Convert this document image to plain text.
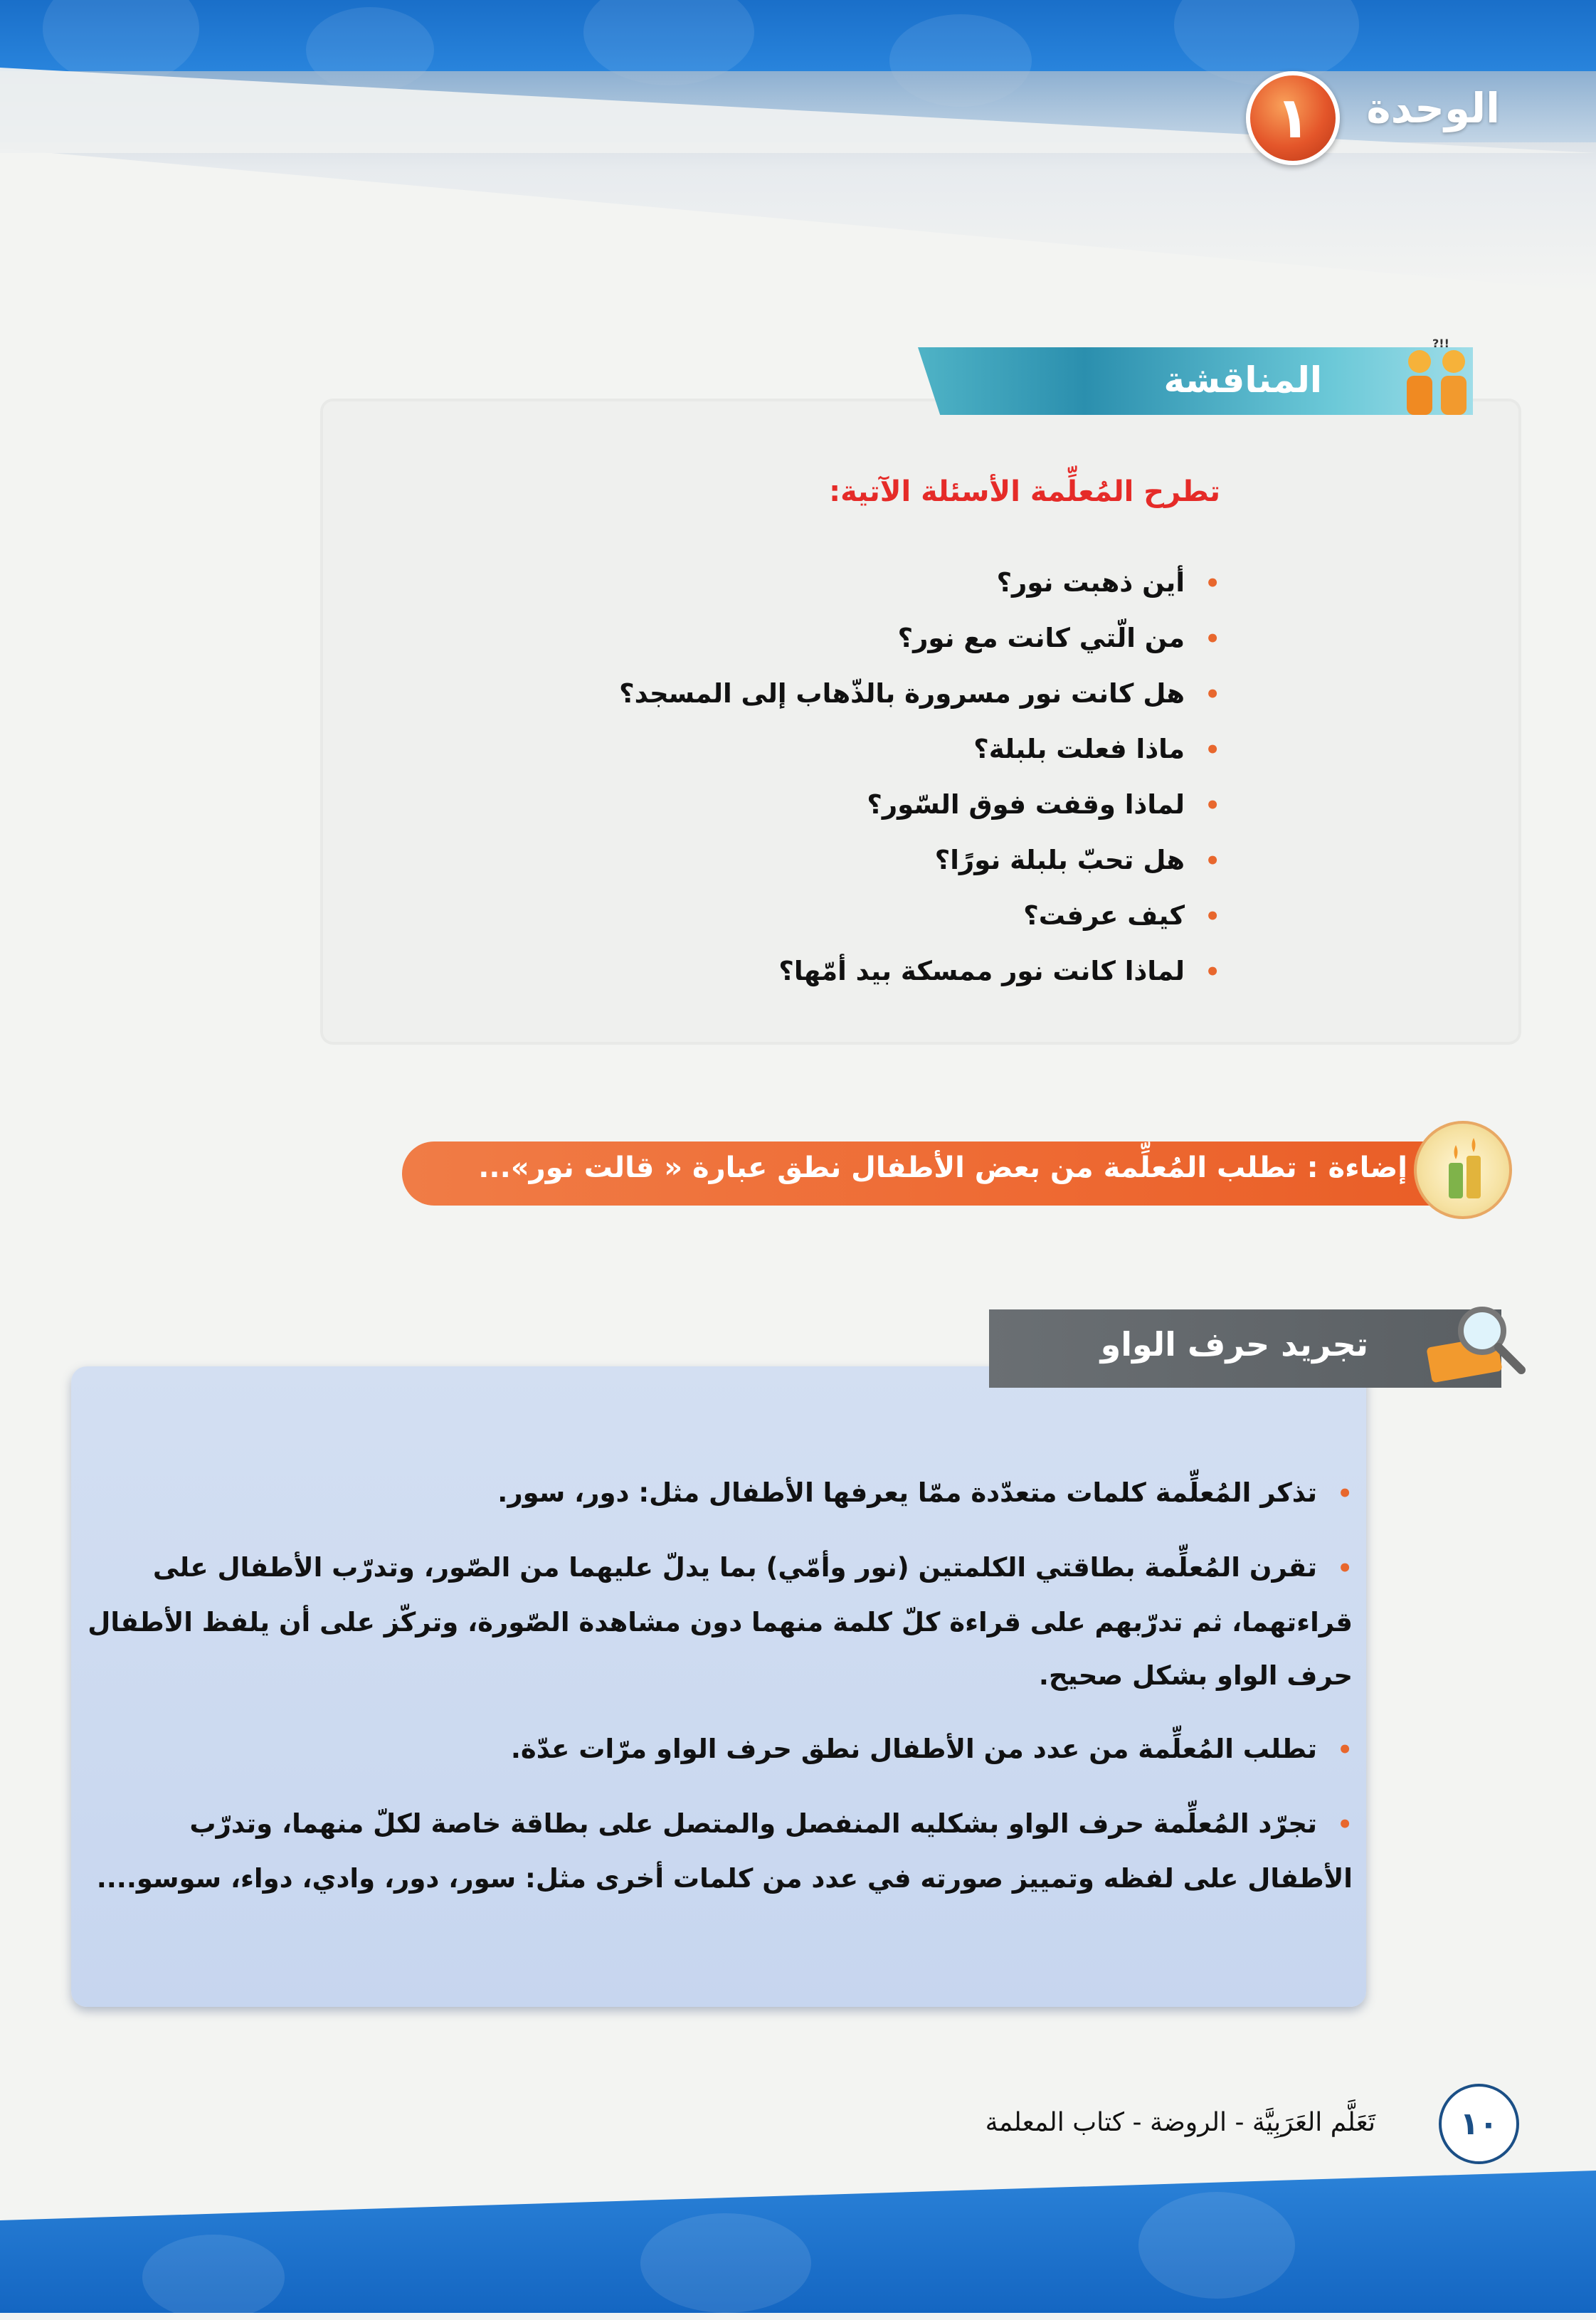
الوحدة
١
المناقشة
?!!
تطرح المُعلِّمة الأسئلة الآتية:
•أين ذهبت نور؟
•من الّتي كانت مع نور؟
•هل كانت نور مسرورة بالذّهاب إلى المسجد؟
•ماذا فعلت بلبلة؟
•لماذا وقفت فوق السّور؟
•هل تحبّ بلبلة نورًا؟
•كيف عرفت؟
•لماذا كانت نور ممسكة بيد أمّها؟
إضاءة : تطلب المُعلِّمة من بعض الأطفال نطق عبارة « قالت نور»...
تجريد حرف الواو
•تذكر المُعلِّمة كلمات متعدّدة ممّا يعرفها الأطفال مثل: دور، سور.
•تقرن المُعلِّمة بطاقتي الكلمتين (نور وأمّي) بما يدلّ عليهما من الصّور، وتدرّب الأطفال على قراءتهما، ثم تدرّبهم على قراءة كلّ كلمة منهما دون مشاهدة الصّورة، وتركّز على أن يلفظ الأطفال حرف الواو بشكل صحيح.
•تطلب المُعلِّمة من عدد من الأطفال نطق حرف الواو مرّات عدّة.
•تجرّد المُعلِّمة حرف الواو بشكليه المنفصل والمتصل على بطاقة خاصة لكلّ منهما، وتدرّب الأطفال على لفظه وتمييز صورته في عدد من كلمات أخرى مثل: سور، دور، وادي، دواء، سوسو....
١٠
تَعَلَّم العَرَبِيَّة - الروضة - كتاب المعلمة
